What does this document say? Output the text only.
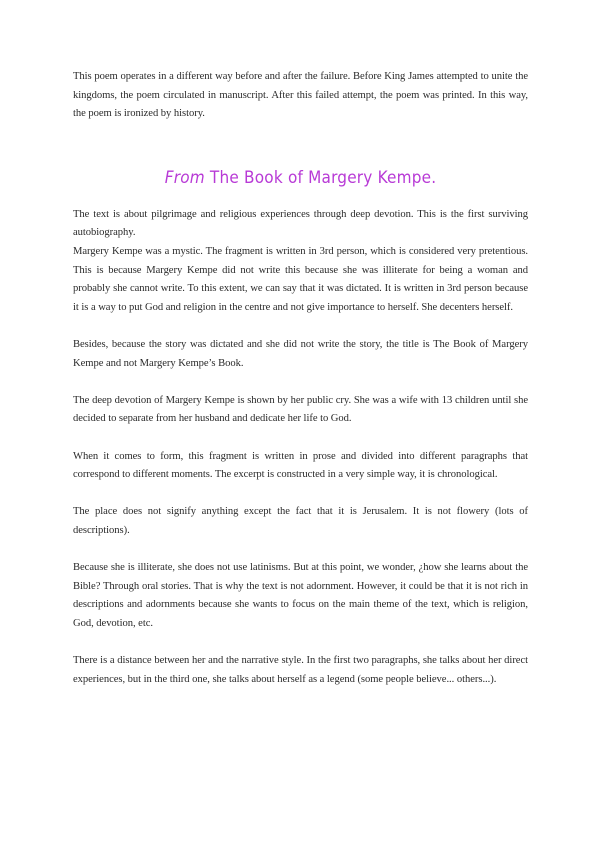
This poem operates in a different way before and after the failure. Before King James attempted to unite the kingdoms, the poem circulated in manuscript. After this failed attempt, the poem was printed. In this way, the poem is ironized by history.

From The Book of Margery Kempe.

The text is about pilgrimage and religious experiences through deep devotion. This is the first surviving autobiography.

Margery Kempe was a mystic. The fragment is written in 3rd person, which is considered very pretentious. This is because Margery Kempe did not write this because she was illiterate for being a woman and probably she cannot write. To this extent, we can say that it was dictated. It is written in 3rd person because it is a way to put God and religion in the centre and not give importance to herself. She decenters herself.

Besides, because the story was dictated and she did not write the story, the title is The Book of Margery Kempe and not Margery Kempe’s Book.

The deep devotion of Margery Kempe is shown by her public cry. She was a wife with 13 children until she decided to separate from her husband and dedicate her life to God.

When it comes to form, this fragment is written in prose and divided into different paragraphs that correspond to different moments. The excerpt is constructed in a very simple way, it is chronological.

The place does not signify anything except the fact that it is Jerusalem. It is not flowery (lots of descriptions).

Because she is illiterate, she does not use latinisms. But at this point, we wonder, ¿how she learns about the Bible? Through oral stories. That is why the text is not adornment. However, it could be that it is not rich in descriptions and adornments because she wants to focus on the main theme of the text, which is religion, God, devotion, etc.

There is a distance between her and the narrative style. In the first two paragraphs, she talks about her direct experiences, but in the third one, she talks about herself as a legend (some people believe... others...).
